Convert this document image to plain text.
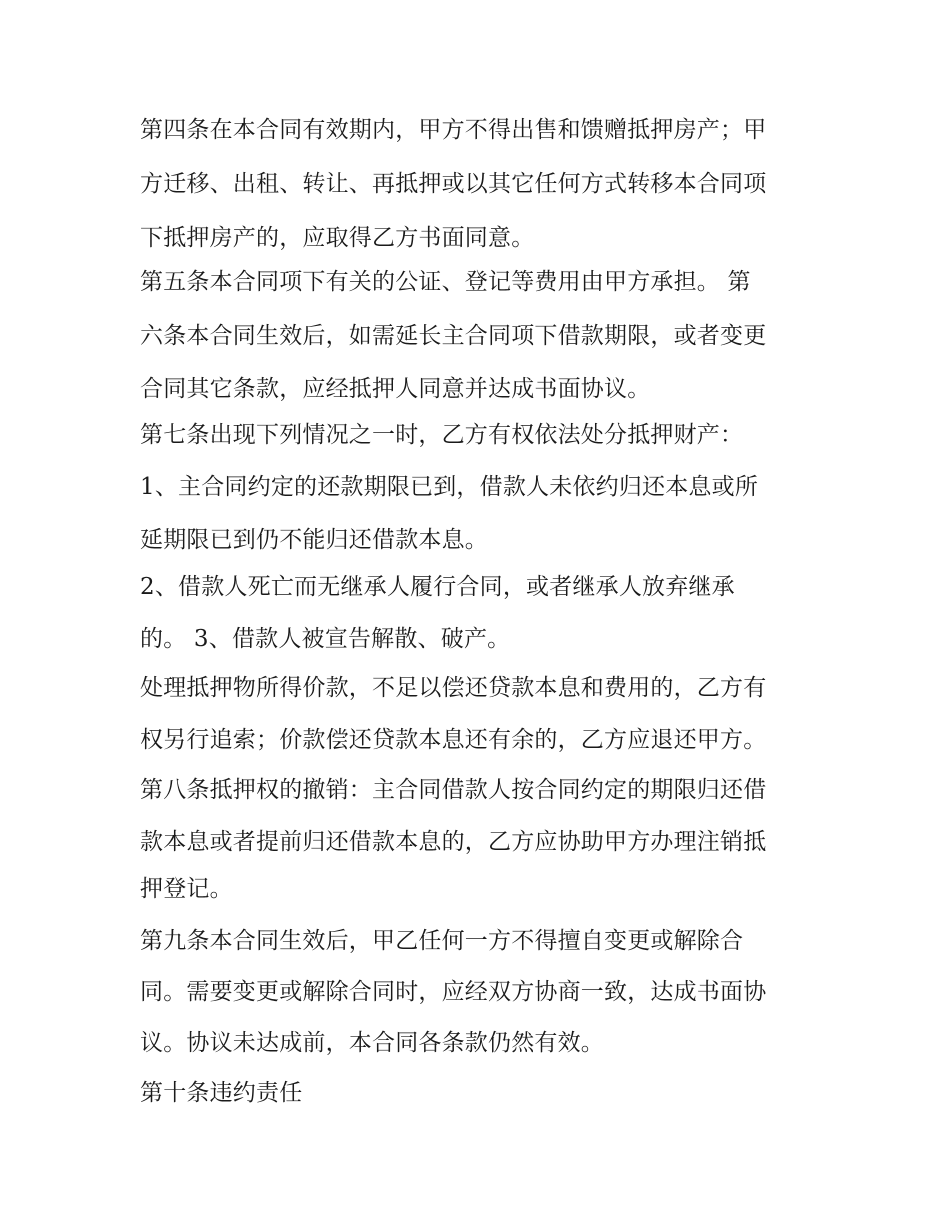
第四条在本合同有效期内，甲方不得出售和馈赠抵押房产；甲
方迁移、出租、转让、再抵押或以其它任何方式转移本合同项
下抵押房产的，应取得乙方书面同意。
第五条本合同项下有关的公证、登记等费用由甲方承担。 第
六条本合同生效后，如需延长主合同项下借款期限，或者变更
合同其它条款，应经抵押人同意并达成书面协议。
第七条出现下列情况之一时，乙方有权依法处分抵押财产：
1、主合同约定的还款期限已到，借款人未依约归还本息或所
延期限已到仍不能归还借款本息。
2、借款人死亡而无继承人履行合同，或者继承人放弃继承
的。 3、借款人被宣告解散、破产。
处理抵押物所得价款，不足以偿还贷款本息和费用的，乙方有
权另行追索；价款偿还贷款本息还有余的，乙方应退还甲方。
第八条抵押权的撤销：主合同借款人按合同约定的期限归还借
款本息或者提前归还借款本息的，乙方应协助甲方办理注销抵
押登记。
第九条本合同生效后，甲乙任何一方不得擅自变更或解除合
同。需要变更或解除合同时，应经双方协商一致，达成书面协
议。协议未达成前，本合同各条款仍然有效。
第十条违约责任
